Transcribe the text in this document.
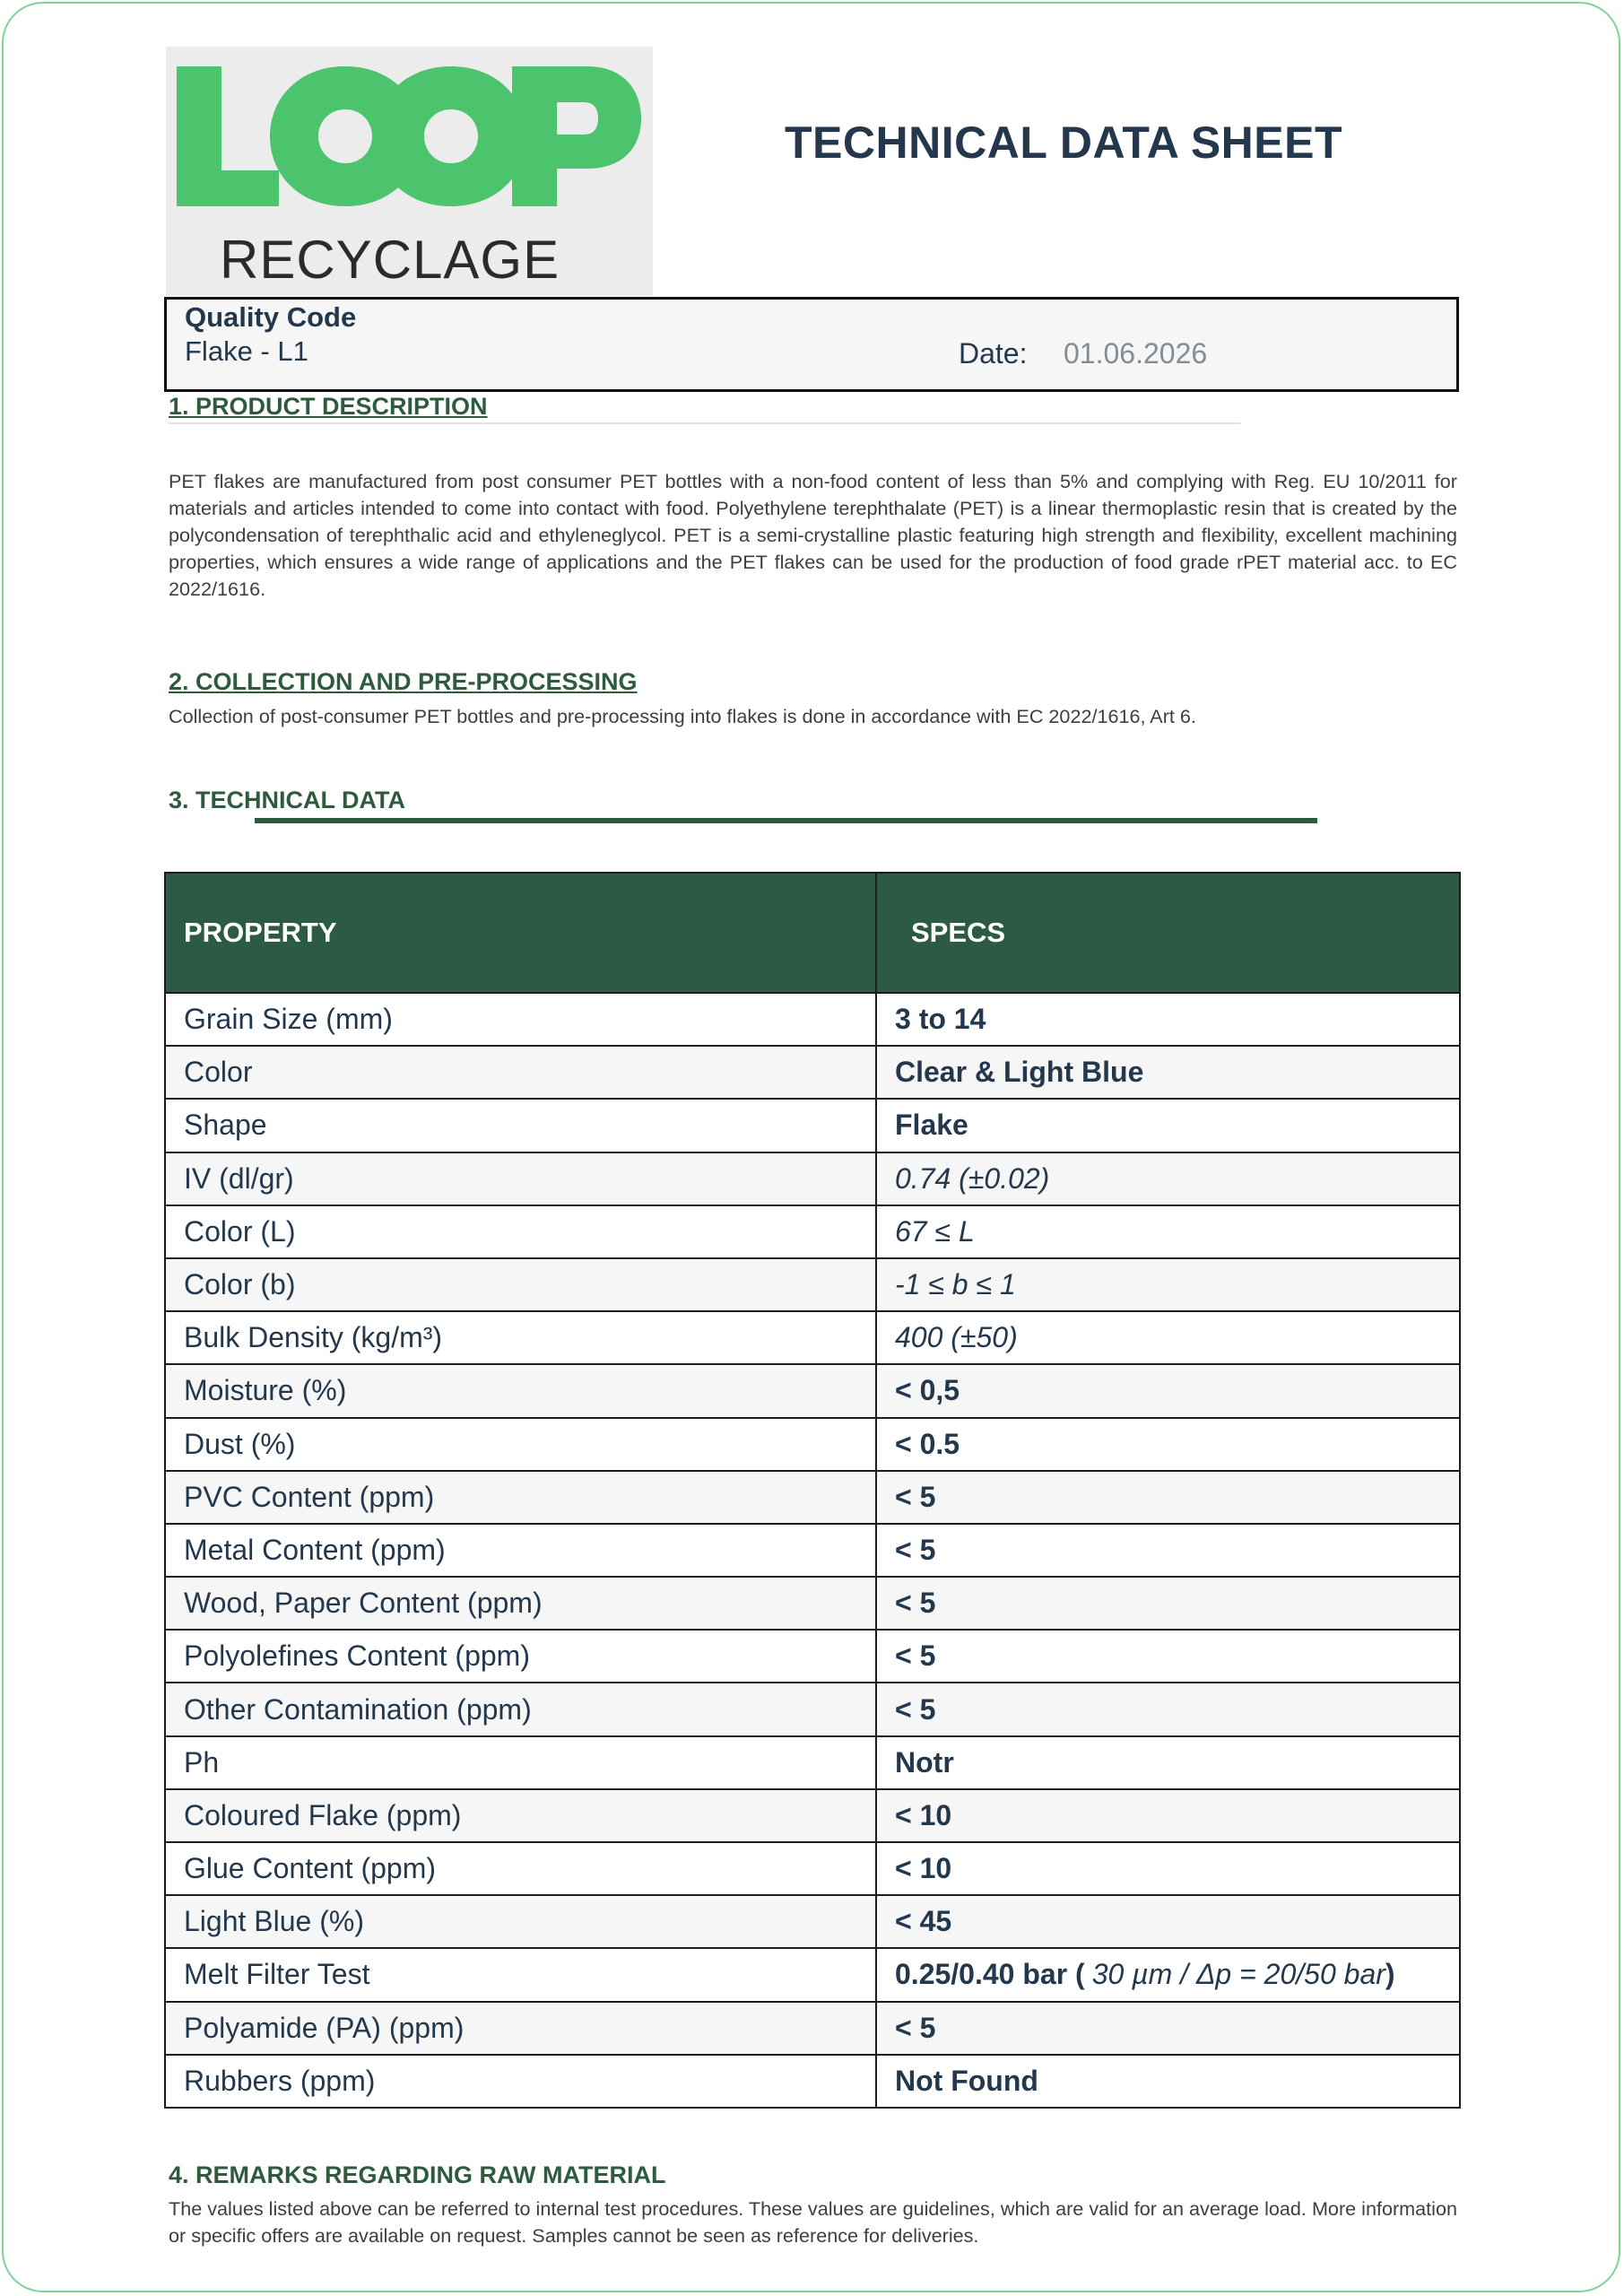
RECYCLAGE
TECHNICAL DATA SHEET
Quality Code
Flake - L1	Date: 01.06.2026
1. PRODUCT DESCRIPTION
PET flakes are manufactured from post consumer PET bottles with a non-food content of less than 5% and complying with Reg. EU 10/2011 for materials and articles intended to come into contact with food. Polyethylene terephthalate (PET) is a linear thermoplastic resin that is created by the polycondensation of terephthalic acid and ethyleneglycol. PET is a semi-crystalline plastic featuring high strength and flexibility, excellent machining properties, which ensures a wide range of applications and the PET flakes can be used for the production of food grade rPET material acc. to EC 2022/1616.
2. COLLECTION AND PRE-PROCESSING
Collection of post-consumer PET bottles and pre-processing into flakes is done in accordance with EC 2022/1616, Art 6.
3. TECHNICAL DATA
PROPERTY	SPECS
Grain Size (mm)	3 to 14
Color	Clear & Light Blue
Shape	Flake
IV (dl/gr)	0.74 (±0.02)
Color (L)	67 ≤ L
Color (b)	-1 ≤ b ≤ 1
Bulk Density (kg/m³)	400 (±50)
Moisture (%)	< 0,5
Dust (%)	< 0.5
PVC Content (ppm)	< 5
Metal Content (ppm)	< 5
Wood, Paper Content (ppm)	< 5
Polyolefines Content (ppm)	< 5
Other Contamination (ppm)	< 5
Ph	Notr
Coloured Flake (ppm)	< 10
Glue Content (ppm)	< 10
Light Blue (%)	< 45
Melt Filter Test	0.25/0.40 bar ( 30 µm / Δp = 20/50 bar)
Polyamide (PA) (ppm)	< 5
Rubbers (ppm)	Not Found
4. REMARKS REGARDING RAW MATERIAL
The values listed above can be referred to internal test procedures. These values are guidelines, which are valid for an average load. More information or specific offers are available on request. Samples cannot be seen as reference for deliveries.
